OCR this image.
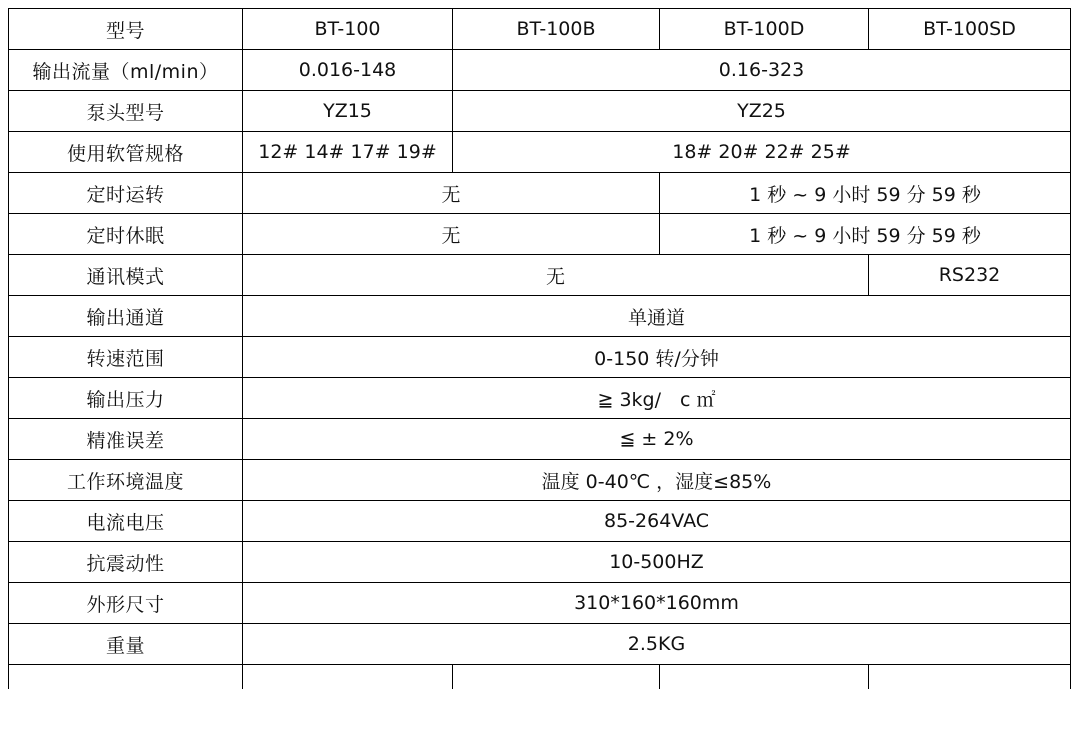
型号	BT-100	BT-100B	BT-100D	BT-100SD
输出流量（ml/min）	0.016-148	0.16-323		
泵头型号	YZ15	YZ25		
使用软管规格	12# 14# 17# 19#	18# 20# 22# 25#		
定时运转	无		1 秒 ~ 9 小时 59 分 59 秒	
定时休眠	无		1 秒 ~ 9 小时 59 分 59 秒	
通讯模式	无			RS232
输出通道	单通道			
转速范围	0-150 转/分钟			
输出压力	≧ 3kg/　c ㎡			
精准误差	≦ ± 2%			
工作环境温度	温度 0-40℃ ，湿度≤85%			
电流电压	85-264VAC			
抗震动性	10-500HZ			
外形尺寸	310*160*160mm			
重量	2.5KG			
